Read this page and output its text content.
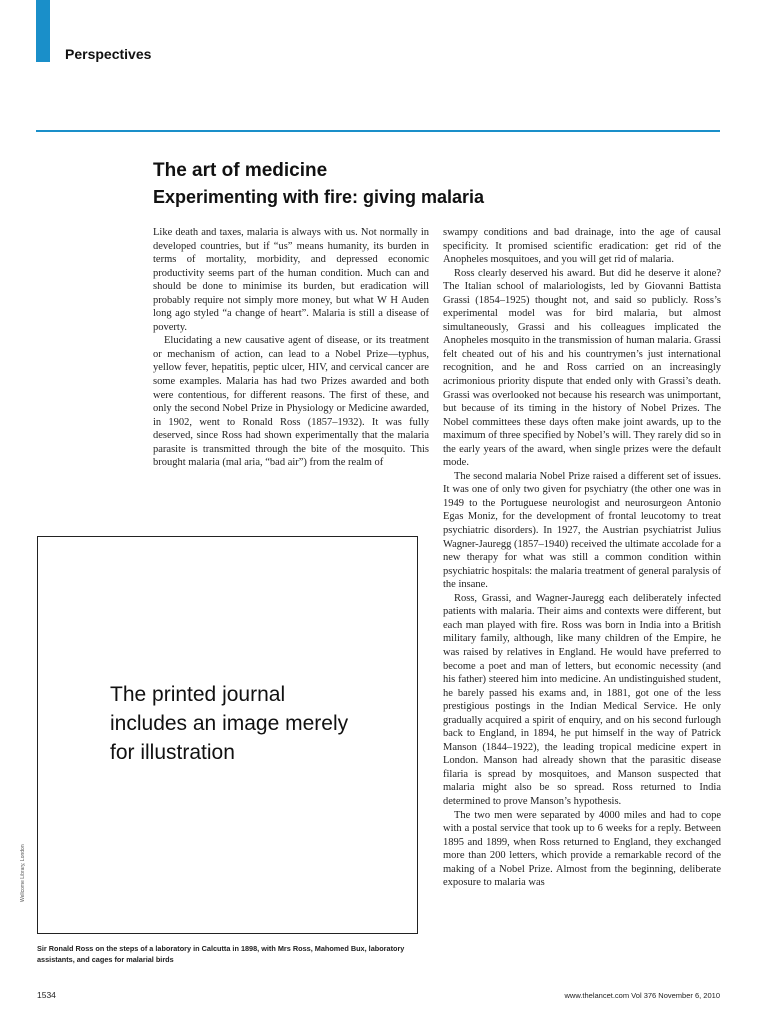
Perspectives
The art of medicine
Experimenting with fire: giving malaria

Like death and taxes, malaria is always with us. Not normally in developed countries, but if “us” means humanity, its burden in terms of mortality, morbidity, and depressed economic productivity seems part of the human condition. Much can and should be done to minimise its burden, but eradication will probably require not simply more money, but what W H Auden long ago styled “a change of heart”. Malaria is still a disease of poverty.

Elucidating a new causative agent of disease, or its treatment or mechanism of action, can lead to a Nobel Prize—typhus, yellow fever, hepatitis, peptic ulcer, HIV, and cervical cancer are some examples. Malaria has had two Prizes awarded and both were contentious, for different reasons. The first of these, and only the second Nobel Prize in Physiology or Medicine awarded, in 1902, went to Ronald Ross (1857–1932). It was fully deserved, since Ross had shown experimentally that the malaria parasite is transmitted through the bite of the mosquito. This brought malaria (mal aria, “bad air”) from the realm of

swampy conditions and bad drainage, into the age of causal specificity. It promised scientific eradication: get rid of the Anopheles mosquitoes, and you will get rid of malaria.

Ross clearly deserved his award. But did he deserve it alone? The Italian school of malariologists, led by Giovanni Battista Grassi (1854–1925) thought not, and said so publicly. Ross’s experimental model was for bird malaria, but almost simultaneously, Grassi and his colleagues implicated the Anopheles mosquito in the transmission of human malaria. Grassi felt cheated out of his and his countrymen’s just international recognition, and he and Ross carried on an increasingly acrimonious priority dispute that ended only with Grassi’s death. Grassi was overlooked not because his research was unimportant, but because of its timing in the history of Nobel Prizes. The Nobel committees these days often make joint awards, up to the maximum of three specified by Nobel’s will. They rarely did so in the early years of the award, when single prizes were the default mode.

The second malaria Nobel Prize raised a different set of issues. It was one of only two given for psychiatry (the other one was in 1949 to the Portuguese neurologist and neurosurgeon Antonio Egas Moniz, for the development of frontal leucotomy to treat psychiatric disorders). In 1927, the Austrian psychiatrist Julius Wagner-Jauregg (1857–1940) received the ultimate accolade for a new therapy for what was still a common condition within psychiatric hospitals: the malaria treatment of general paralysis of the insane.

Ross, Grassi, and Wagner-Jauregg each deliberately infected patients with malaria. Their aims and contexts were different, but each man played with fire. Ross was born in India into a British military family, although, like many children of the Empire, he was raised by relatives in England. He would have preferred to become a poet and man of letters, but economic necessity (and his father) steered him into medicine. An undistinguished student, he barely passed his exams and, in 1881, got one of the less prestigious postings in the Indian Medical Service. He only gradually acquired a spirit of enquiry, and on his second furlough back to England, in 1894, he put himself in the way of Patrick Manson (1844–1922), the leading tropical medicine expert in London. Manson had already shown that the parasitic disease filaria is spread by mosquitoes, and Manson suspected that malaria might also be so spread. Ross returned to India determined to prove Manson’s hypothesis.

The two men were separated by 4000 miles and had to cope with a postal service that took up to 6 weeks for a reply. Between 1895 and 1899, when Ross returned to England, they exchanged more than 200 letters, which provide a remarkable record of the making of a Nobel Prize. Almost from the beginning, deliberate exposure to malaria was

The printed journal
includes an image merely
for illustration

Wellcome Library, London

Sir Ronald Ross on the steps of a laboratory in Calcutta in 1898, with Mrs Ross, Mahomed Bux, laboratory assistants, and cages for malarial birds

1534	www.thelancet.com Vol 376 November 6, 2010
